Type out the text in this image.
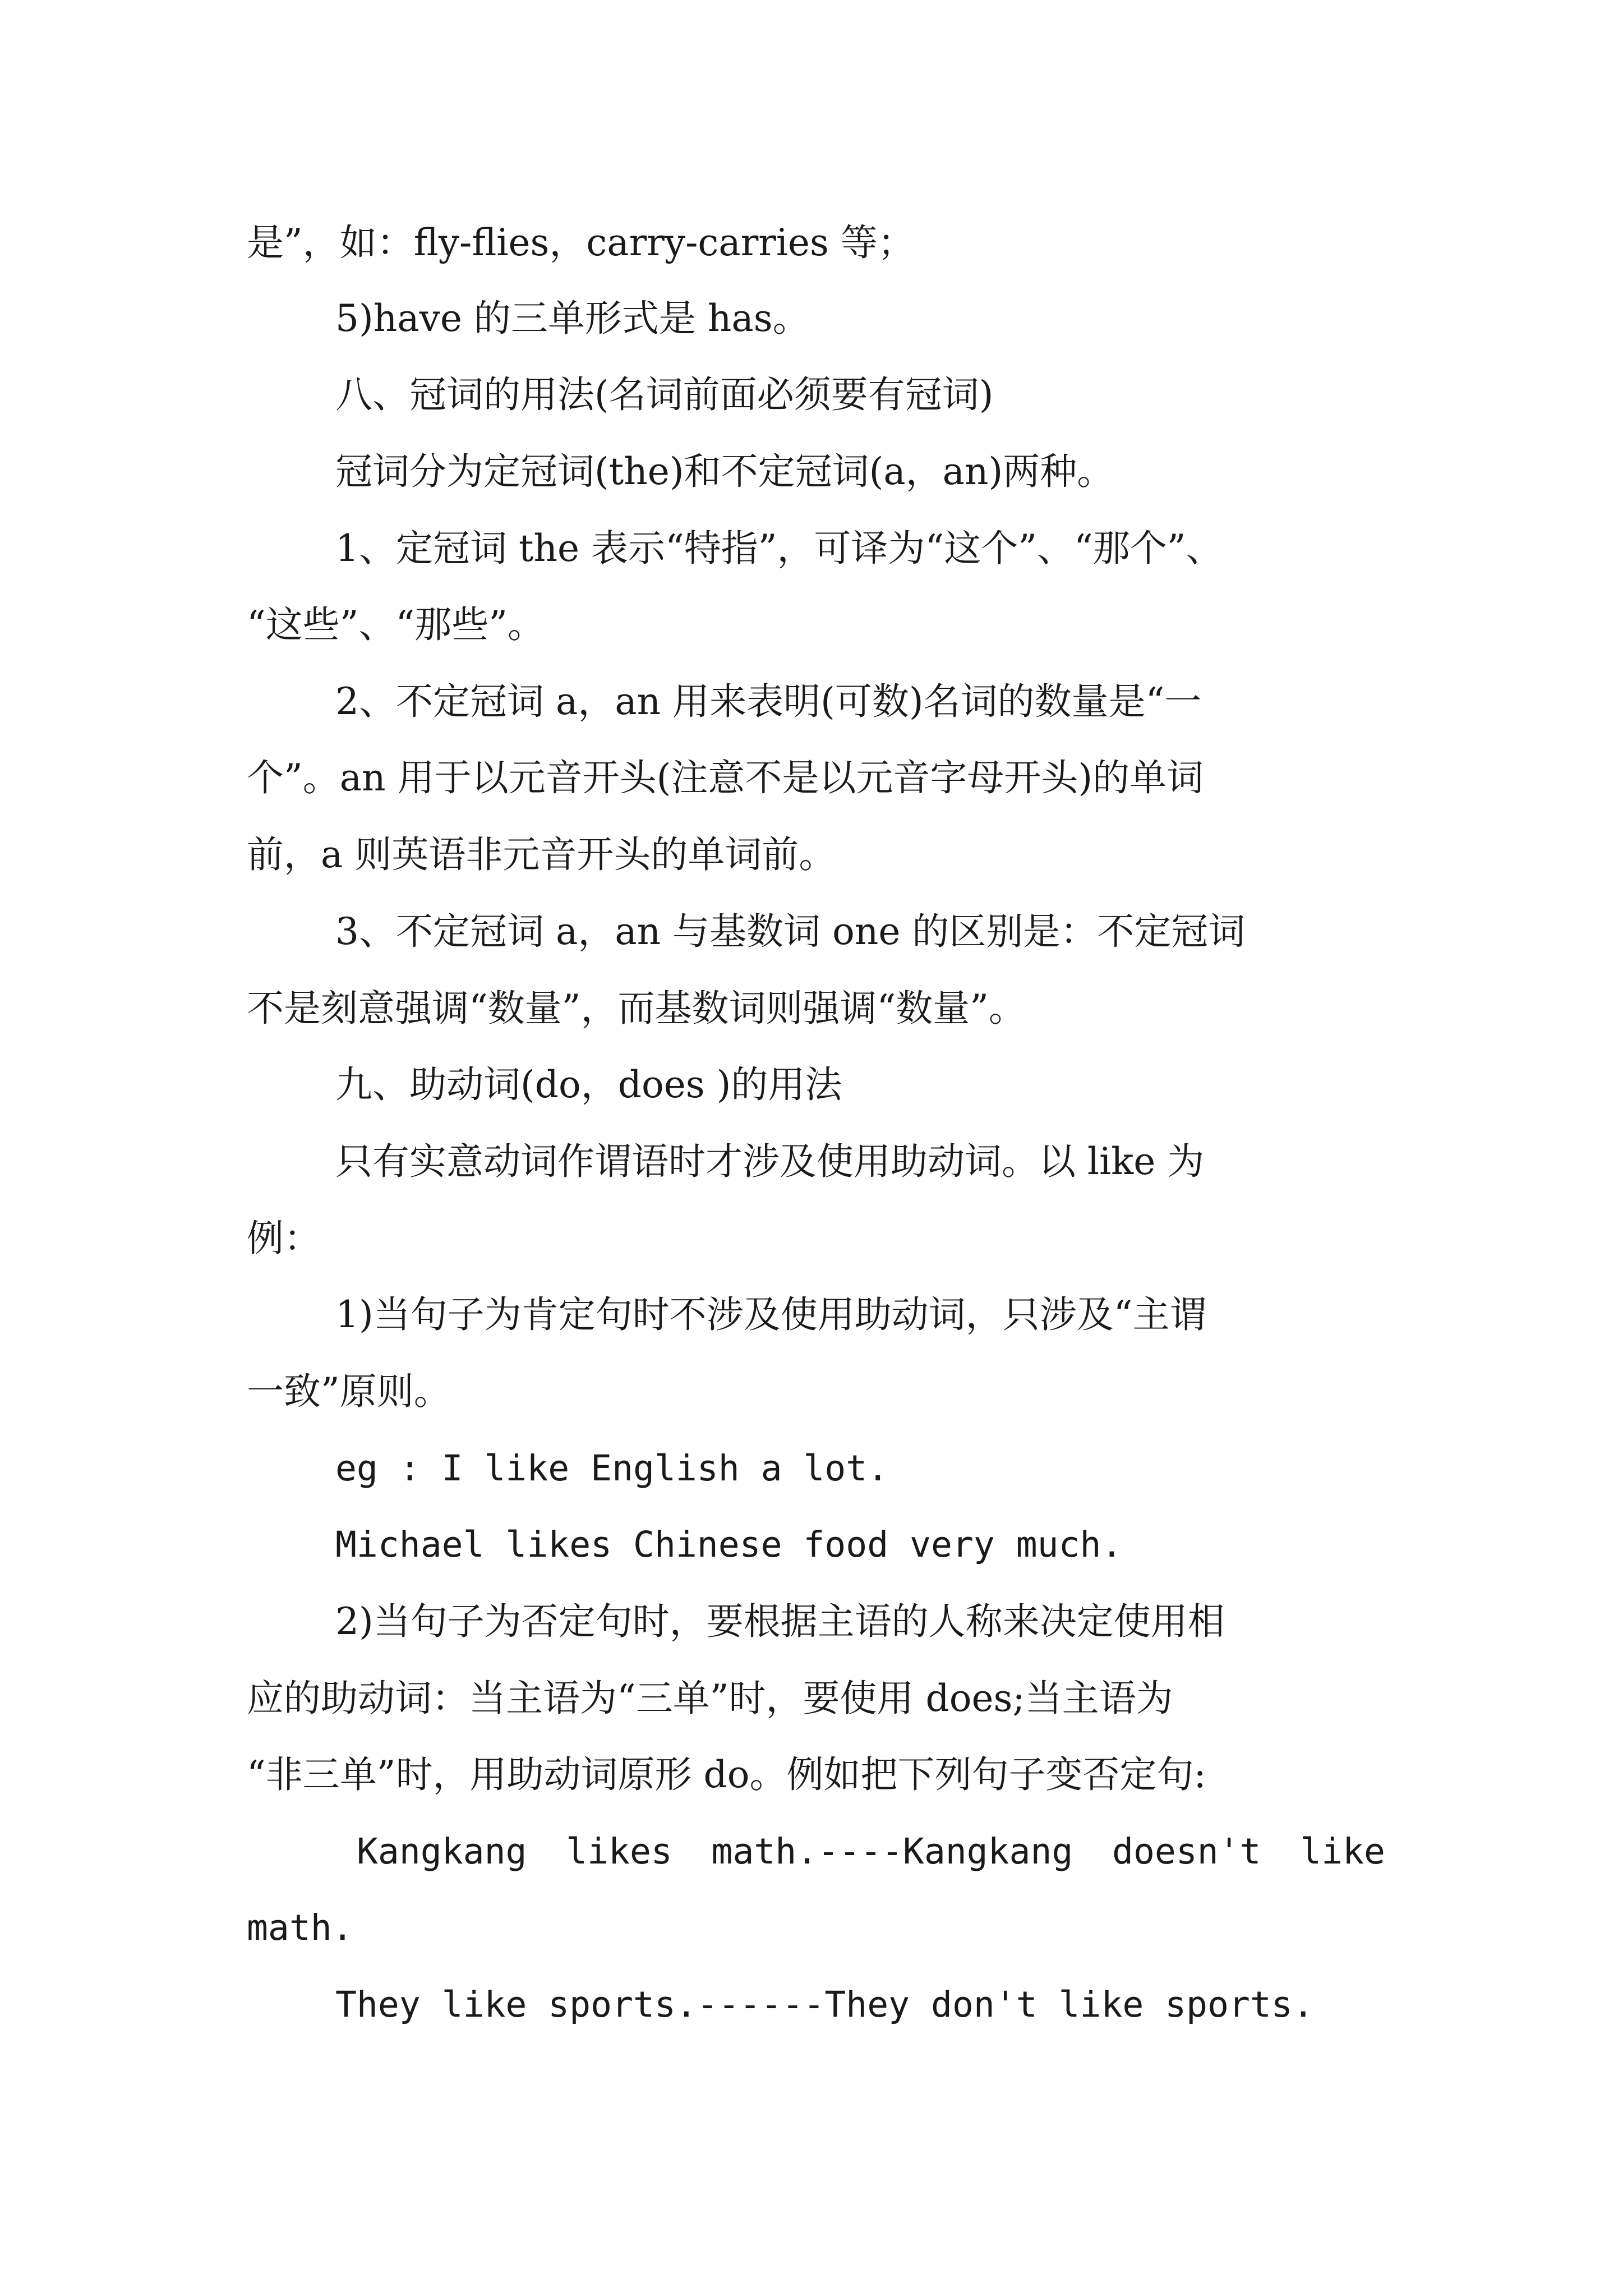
是”，如：fly-flies，carry-carries 等；
5)have 的三单形式是 has。
八、冠词的用法(名词前面必须要有冠词)
冠词分为定冠词(the)和不定冠词(a，an)两种。
1、定冠词 the 表示“特指”，可译为“这个”、“那个”、
“这些”、“那些”。
2、不定冠词 a，an 用来表明(可数)名词的数量是“一
个”。an 用于以元音开头(注意不是以元音字母开头)的单词
前，a 则英语非元音开头的单词前。
3、不定冠词 a，an 与基数词 one 的区别是：不定冠词
不是刻意强调“数量”，而基数词则强调“数量”。
九、助动词(do，does )的用法
只有实意动词作谓语时才涉及使用助动词。以 like 为
例：
1)当句子为肯定句时不涉及使用助动词，只涉及“主谓
一致”原则。
eg : I like English a lot.
Michael likes Chinese food very much.
2)当句子为否定句时，要根据主语的人称来决定使用相
应的助动词：当主语为“三单”时，要使用 does;当主语为
“非三单”时，用助动词原形 do。例如把下列句子变否定句:
Kangkang likes math.----Kangkang doesn't like
math.
They like sports.------They don't like sports.
